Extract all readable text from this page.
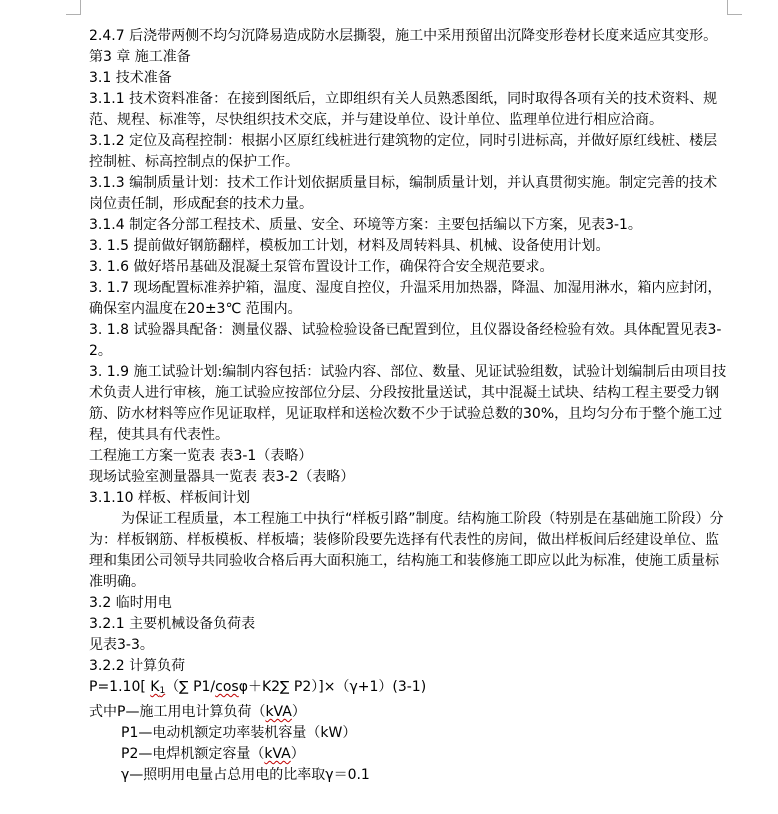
2.4.7 后浇带两侧不均匀沉降易造成防水层撕裂，施工中采用预留出沉降变形卷材长度来适应其变形。

第3 章 施工准备

3.1 技术准备

3.1.1 技术资料准备：在接到图纸后，立即组织有关人员熟悉图纸，同时取得各项有关的技术资料、规范、规程、标准等，尽快组织技术交底，并与建设单位、设计单位、监理单位进行相应洽商。

3.1.2 定位及高程控制：根据小区原红线桩进行建筑物的定位，同时引进标高，并做好原红线桩、楼层控制桩、标高控制点的保护工作。

3.1.3 编制质量计划：技术工作计划依据质量目标，编制质量计划，并认真贯彻实施。制定完善的技术岗位责任制，形成配套的技术力量。

3.1.4 制定各分部工程技术、质量、安全、环境等方案：主要包括编以下方案，见表3-1。

3. 1.5 提前做好钢筋翻样，模板加工计划，材料及周转料具、机械、设备使用计划。

3. 1.6 做好塔吊基础及混凝土泵管布置设计工作，确保符合安全规范要求。

3. 1.7 现场配置标准养护箱，温度、湿度自控仪，升温采用加热器，降温、加湿用淋水，箱内应封闭，确保室内温度在20±3℃ 范围内。

3. 1.8 试验器具配备：测量仪器、试验检验设备已配置到位，且仪器设备经检验有效。具体配置见表3-2。

3. 1.9 施工试验计划:编制内容包括：试验内容、部位、数量、见证试验组数，试验计划编制后由项目技术负责人进行审核，施工试验应按部位分层、分段按批量送试，其中混凝土试块、结构工程主要受力钢筋、防水材料等应作见证取样，见证取样和送检次数不少于试验总数的30%，且均匀分布于整个施工过程，使其具有代表性。

工程施工方案一览表 表3-1（表略）

现场试验室测量器具一览表 表3-2（表略）

3.1.10 样板、样板间计划

为保证工程质量，本工程施工中执行“样板引路”制度。结构施工阶段（特别是在基础施工阶段）分为：样板钢筋、样板模板、样板墙；装修阶段要先选择有代表性的房间，做出样板间后经建设单位、监理和集团公司领导共同验收合格后再大面积施工，结构施工和装修施工即应以此为标准，使施工质量标准明确。

3.2 临时用电

3.2.1 主要机械设备负荷表

见表3-3。

3.2.2 计算负荷

P=1.10[ K1（∑ P1/cosφ＋K2∑ P2）]×（γ+1）(3-1)

式中P—施工用电计算负荷（kVA）

P1—电动机额定功率装机容量（kW）

P2—电焊机额定容量（kVA）

γ—照明用电量占总用电的比率取γ＝0.1
